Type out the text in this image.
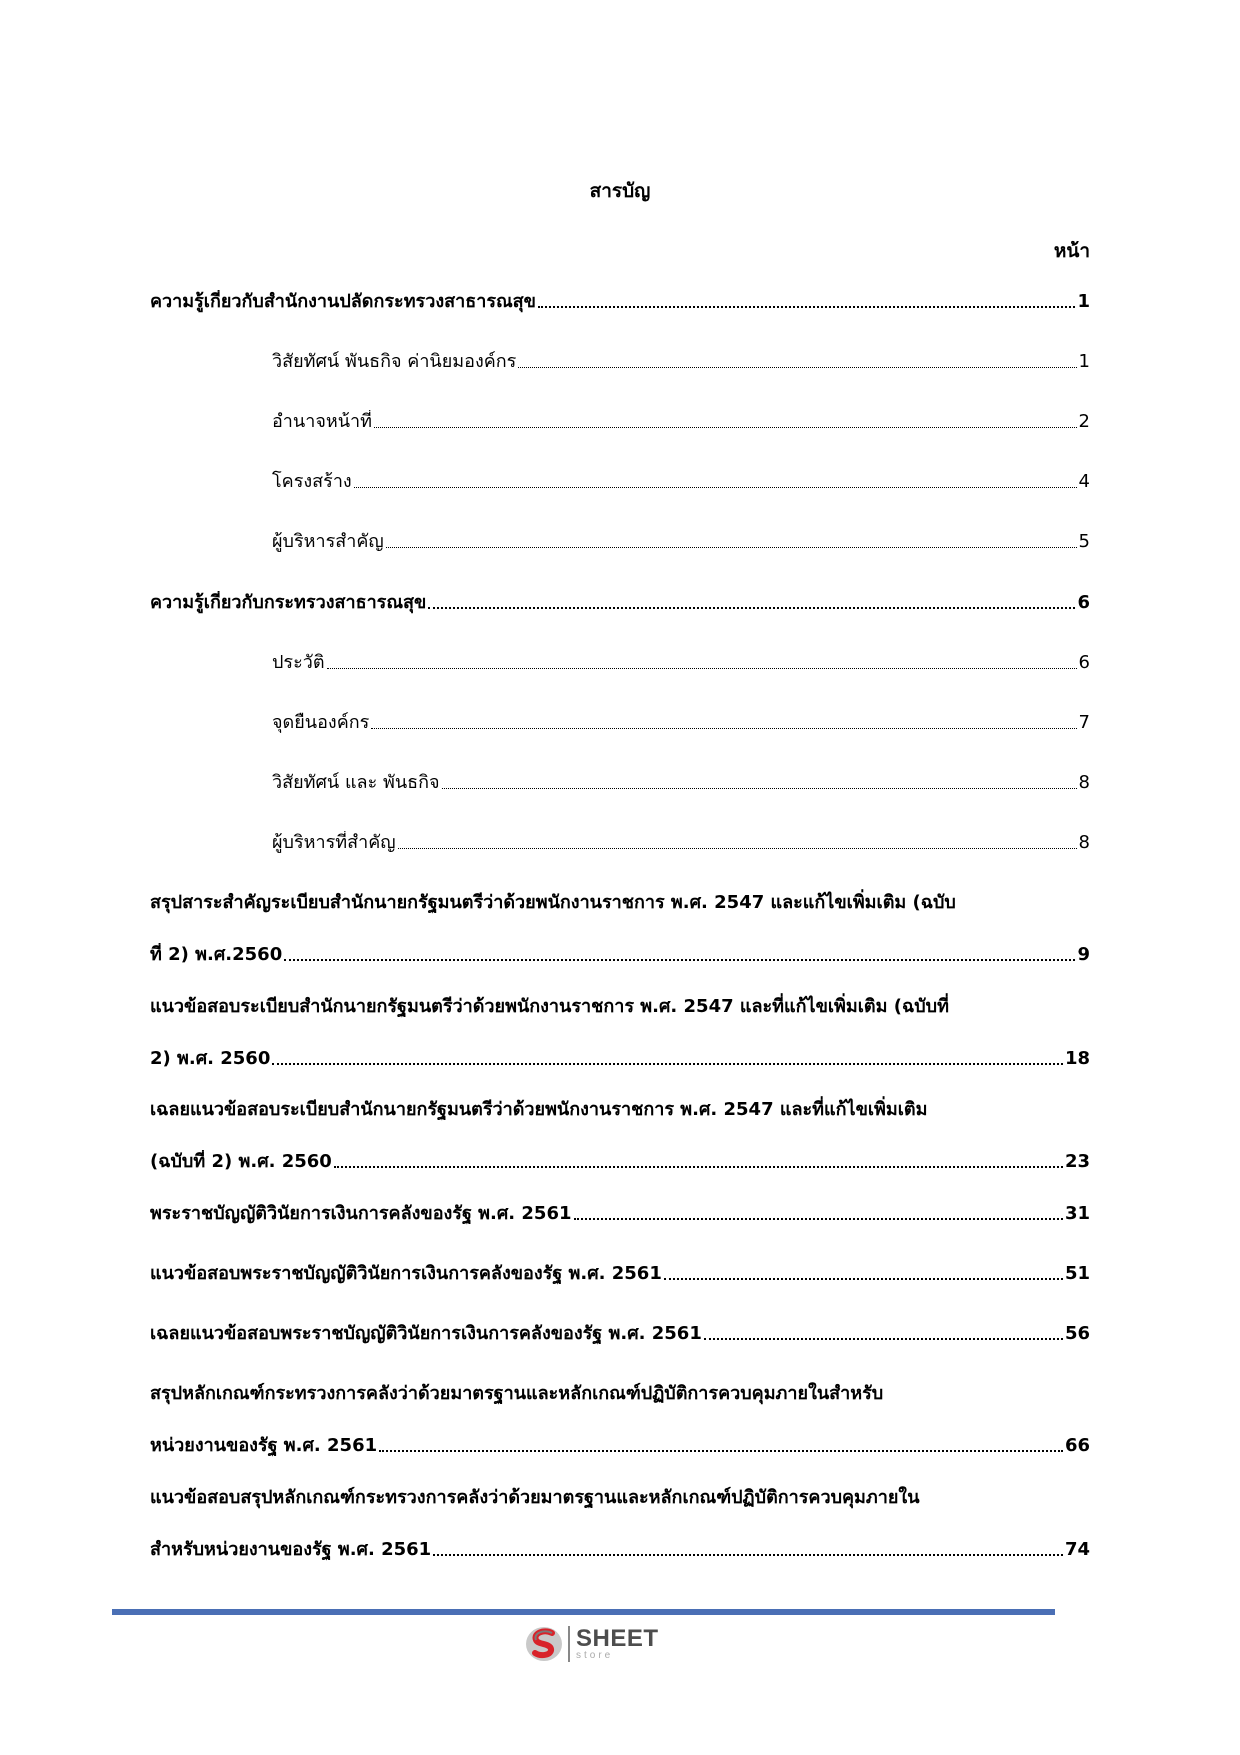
สารบัญ
หน้า
ความรู้เกี่ยวกับสำนักงานปลัดกระทรวงสาธารณสุข	1
วิสัยทัศน์ พันธกิจ ค่านิยมองค์กร	1
อำนาจหน้าที่	2
โครงสร้าง	4
ผู้บริหารสำคัญ	5
ความรู้เกี่ยวกับกระทรวงสาธารณสุข	6
ประวัติ	6
จุดยืนองค์กร	7
วิสัยทัศน์ และ พันธกิจ	8
ผู้บริหารที่สำคัญ	8
สรุปสาระสำคัญระเบียบสำนักนายกรัฐมนตรีว่าด้วยพนักงานราชการ พ.ศ. 2547 และแก้ไขเพิ่มเติม (ฉบับ
ที่ 2) พ.ศ.2560	9
แนวข้อสอบระเบียบสำนักนายกรัฐมนตรีว่าด้วยพนักงานราชการ พ.ศ. 2547 และที่แก้ไขเพิ่มเติม (ฉบับที่
2) พ.ศ. 2560	18
เฉลยแนวข้อสอบระเบียบสำนักนายกรัฐมนตรีว่าด้วยพนักงานราชการ พ.ศ. 2547 และที่แก้ไขเพิ่มเติม
(ฉบับที่ 2) พ.ศ. 2560	23
พระราชบัญญัติวินัยการเงินการคลังของรัฐ พ.ศ. 2561	31
แนวข้อสอบพระราชบัญญัติวินัยการเงินการคลังของรัฐ พ.ศ. 2561	51
เฉลยแนวข้อสอบพระราชบัญญัติวินัยการเงินการคลังของรัฐ พ.ศ. 2561	56
สรุปหลักเกณฑ์กระทรวงการคลังว่าด้วยมาตรฐานและหลักเกณฑ์ปฏิบัติการควบคุมภายในสำหรับ
หน่วยงานของรัฐ พ.ศ. 2561	66
แนวข้อสอบสรุปหลักเกณฑ์กระทรวงการคลังว่าด้วยมาตรฐานและหลักเกณฑ์ปฏิบัติการควบคุมภายใน
สำหรับหน่วยงานของรัฐ พ.ศ. 2561	74
SHEET
store
